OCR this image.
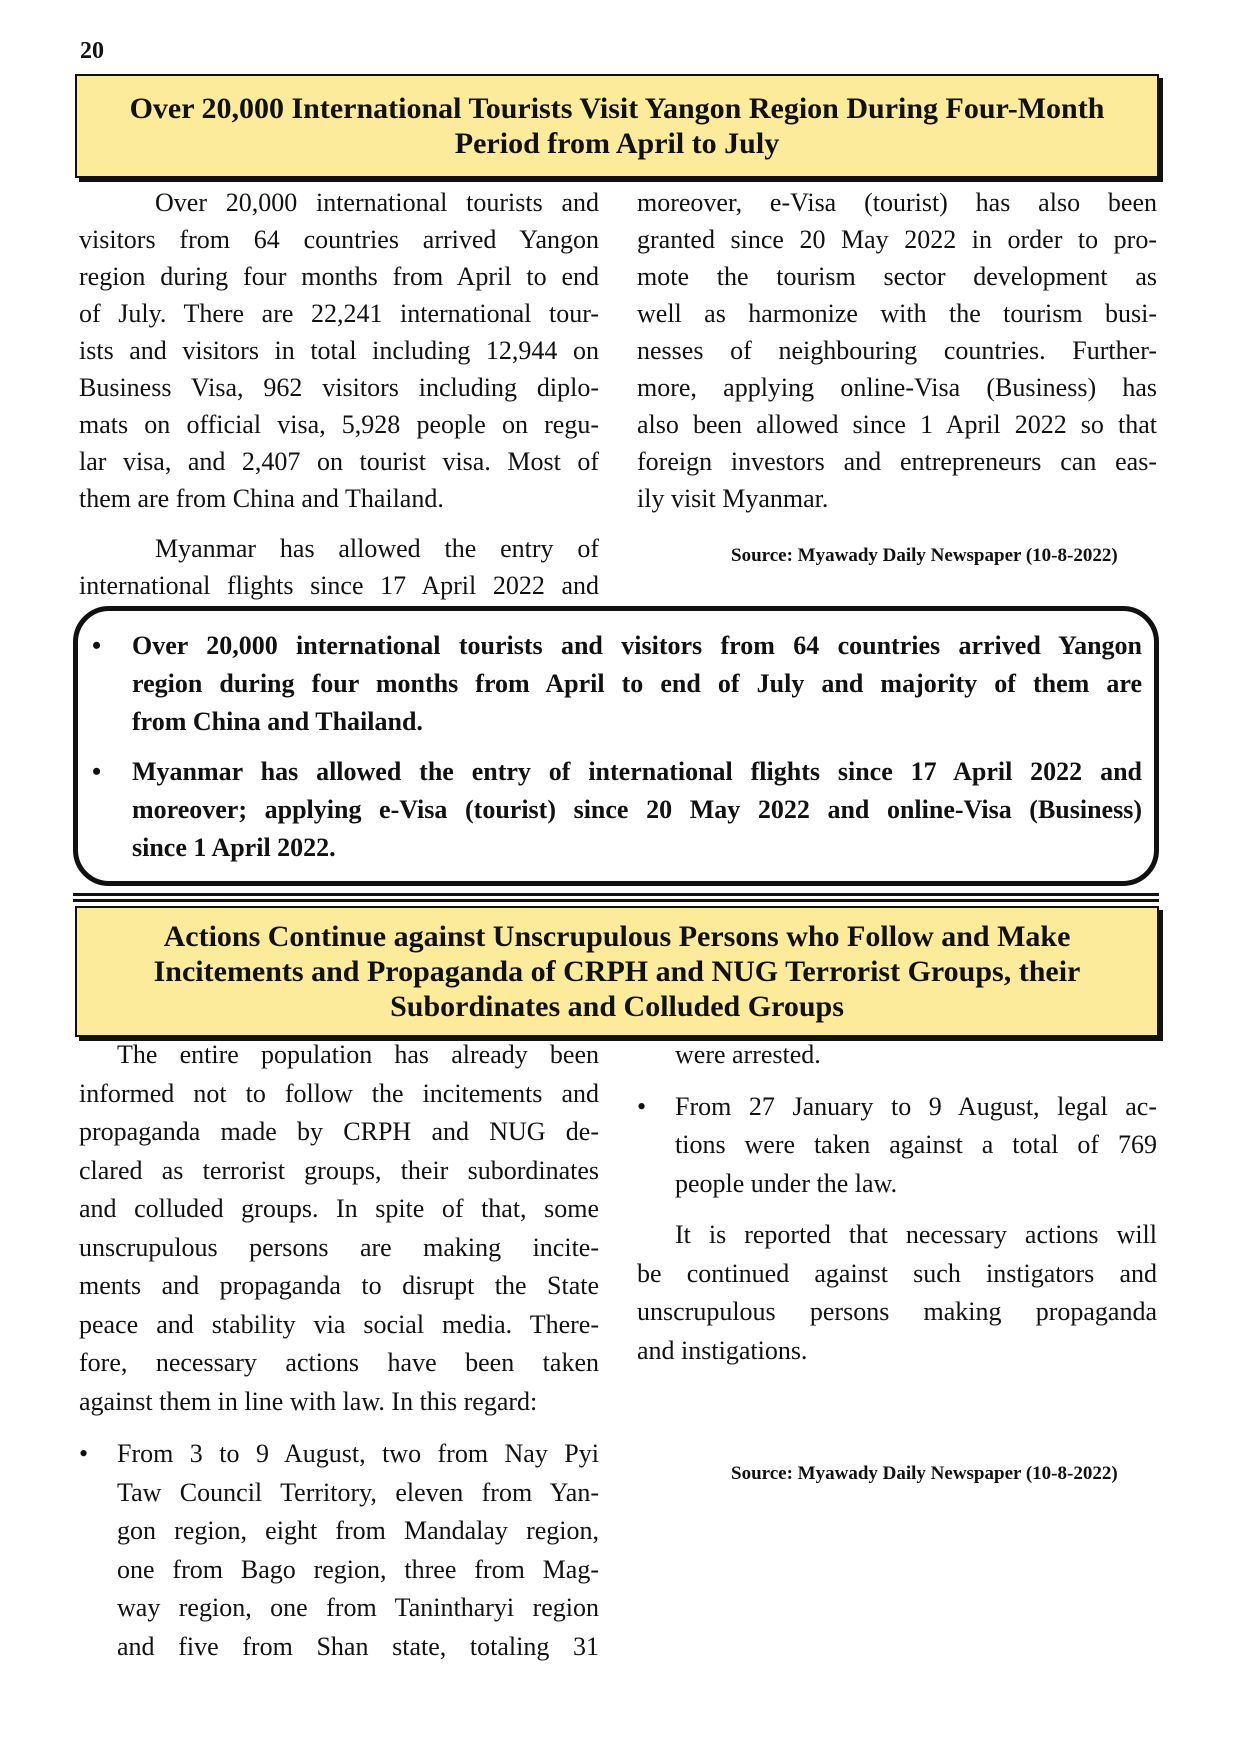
20
Over 20,000 International Tourists Visit Yangon Region During Four-Month
Period from April to July

Over 20,000 international tourists and
visitors from 64 countries arrived Yangon
region during four months from April to end
of July. There are 22,241 international tour-
ists and visitors in total including 12,944 on
Business Visa, 962 visitors including diplo-
mats on official visa, 5,928 people on regu-
lar visa, and 2,407 on tourist visa. Most of
them are from China and Thailand.

Myanmar has allowed the entry of
international flights since 17 April 2022 and

moreover, e-Visa (tourist) has also been
granted since 20 May 2022 in order to pro-
mote the tourism sector development as
well as harmonize with the tourism busi-
nesses of neighbouring countries. Further-
more, applying online-Visa (Business) has
also been allowed since 1 April 2022 so that
foreign investors and entrepreneurs can eas-
ily visit Myanmar.

Source: Myawady Daily Newspaper (10-8-2022)
•	Over 20,000 international tourists and visitors from 64 countries arrived Yangon
region during four months from April to end of July and majority of them are
from China and Thailand.
•	Myanmar has allowed the entry of international flights since 17 April 2022 and
moreover; applying e-Visa (tourist) since 20 May 2022 and online-Visa (Business)
since 1 April 2022.
Actions Continue against Unscrupulous Persons who Follow and Make
Incitements and Propaganda of CRPH and NUG Terrorist Groups, their
Subordinates and Colluded Groups

The entire population has already been
informed not to follow the incitements and
propaganda made by CRPH and NUG de-
clared as terrorist groups, their subordinates
and colluded groups. In spite of that, some
unscrupulous persons are making incite-
ments and propaganda to disrupt the State
peace and stability via social media. There-
fore, necessary actions have been taken
against them in line with law. In this regard:

•	From 3 to 9 August, two from Nay Pyi
Taw Council Territory, eleven from Yan-
gon region, eight from Mandalay region,
one from Bago region, three from Mag-
way region, one from Tanintharyi region
and five from Shan state, totaling 31
were arrested.
•	From 27 January to 9 August, legal ac-
tions were taken against a total of 769
people under the law.

It is reported that necessary actions will
be continued against such instigators and
unscrupulous persons making propaganda
and instigations.

Source: Myawady Daily Newspaper (10-8-2022)
